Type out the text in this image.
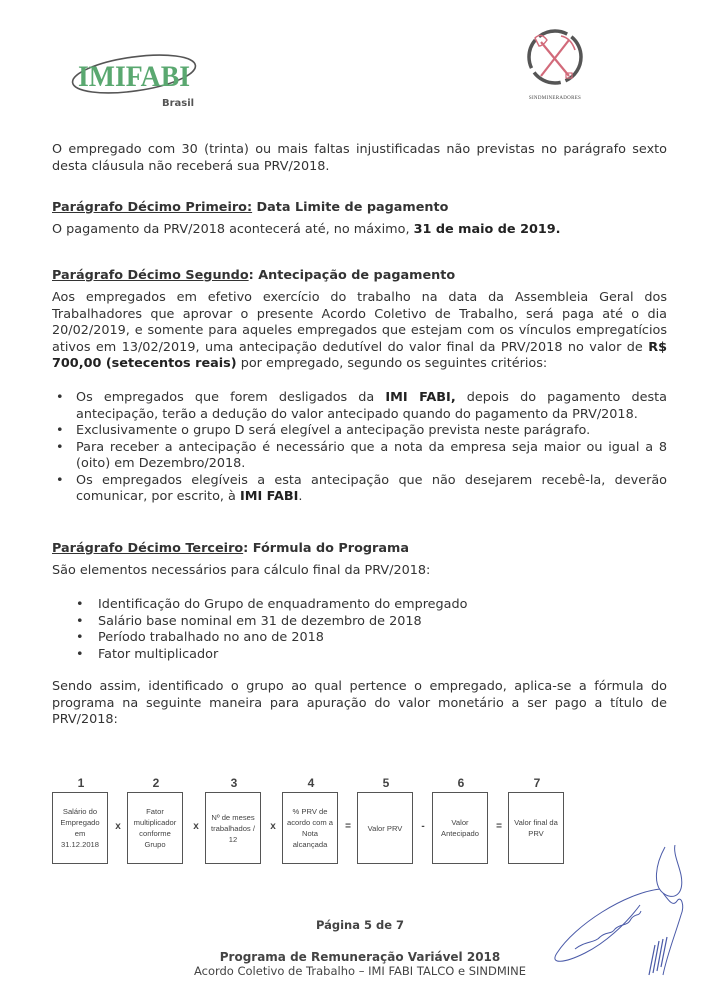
IMIFABI
Brasil	SINDMINERADORES
O empregado com 30 (trinta) ou mais faltas injustificadas não previstas no parágrafo sexto desta cláusula não receberá sua PRV/2018.
Parágrafo Décimo Primeiro: Data Limite de pagamento
O pagamento da PRV/2018 acontecerá até, no máximo, 31 de maio de 2019.
Parágrafo Décimo Segundo: Antecipação de pagamento
Aos empregados em efetivo exercício do trabalho na data da Assembleia Geral dos Trabalhadores que aprovar o presente Acordo Coletivo de Trabalho, será paga até o dia 20/02/2019, e somente para aqueles empregados que estejam com os vínculos empregatícios ativos em 13/02/2019, uma antecipação dedutível do valor final da PRV/2018 no valor de R$ 700,00 (setecentos reais) por empregado, segundo os seguintes critérios:
• Os empregados que forem desligados da IMI FABI, depois do pagamento desta antecipação, terão a dedução do valor antecipado quando do pagamento da PRV/2018.
• Exclusivamente o grupo D será elegível a antecipação prevista neste parágrafo.
• Para receber a antecipação é necessário que a nota da empresa seja maior ou igual a 8 (oito) em Dezembro/2018.
• Os empregados elegíveis a esta antecipação que não desejarem recebê-la, deverão comunicar, por escrito, à IMI FABI.
Parágrafo Décimo Terceiro: Fórmula do Programa
São elementos necessários para cálculo final da PRV/2018:
• Identificação do Grupo de enquadramento do empregado
• Salário base nominal em 31 de dezembro de 2018
• Período trabalhado no ano de 2018
• Fator multiplicador
Sendo assim, identificado o grupo ao qual pertence o empregado, aplica-se a fórmula do programa na seguinte maneira para apuração do valor monetário a ser pago a título de PRV/2018:
1	2	3	4	5	6	7
Salário do Empregado em 31.12.2018
x
Fator multiplicador conforme Grupo
x
Nº de meses trabalhados / 12
x
% PRV de acordo com a Nota alcançada
=	Valor PRV	-	Valor Antecipado
=	Valor final da PRV
Página 5 de 7
Programa de Remuneração Variável 2018
Acordo Coletivo de Trabalho – IMI FABI TALCO e SINDMINE
